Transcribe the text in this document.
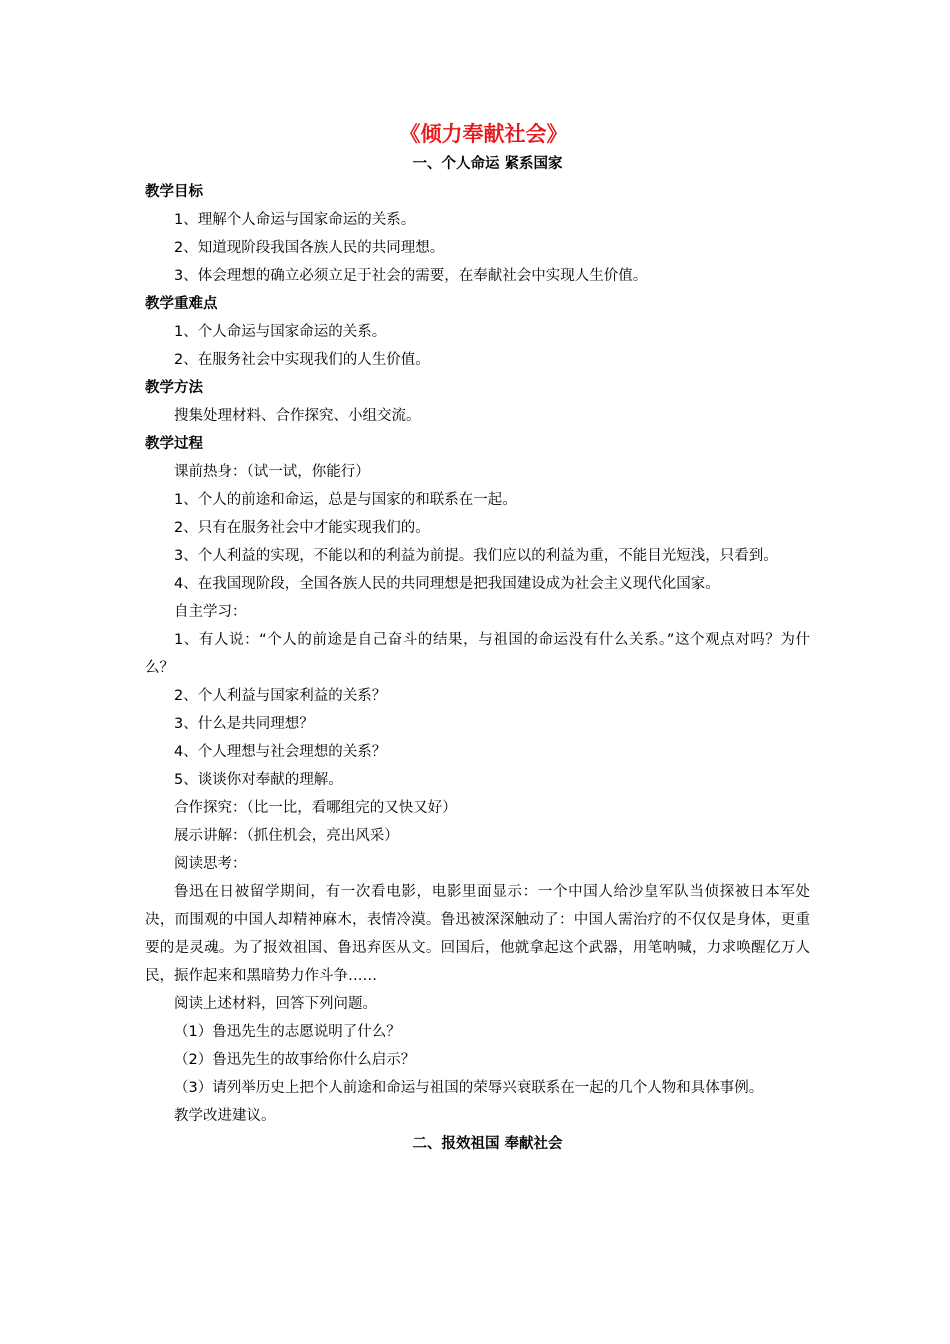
《倾力奉献社会》
一、个人命运 紧系国家
教学目标

1、理解个人命运与国家命运的关系。

2、知道现阶段我国各族人民的共同理想。

3、体会理想的确立必须立足于社会的需要，在奉献社会中实现人生价值。

教学重难点

1、个人命运与国家命运的关系。

2、在服务社会中实现我们的人生价值。

教学方法

搜集处理材料、合作探究、小组交流。

教学过程

课前热身：（试一试，你能行）

1、个人的前途和命运，总是与国家的和联系在一起。

2、只有在服务社会中才能实现我们的。

3、个人利益的实现，不能以和的利益为前提。我们应以的利益为重，不能目光短浅，只看到。

4、在我国现阶段，全国各族人民的共同理想是把我国建设成为社会主义现代化国家。

自主学习：

1、有人说：“个人的前途是自己奋斗的结果，与祖国的命运没有什么关系。”这个观点对吗？为什么？

2、个人利益与国家利益的关系？

3、什么是共同理想？

4、个人理想与社会理想的关系？

5、谈谈你对奉献的理解。

合作探究：（比一比，看哪组完的又快又好）

展示讲解：（抓住机会，亮出风采）

阅读思考：

鲁迅在日被留学期间，有一次看电影，电影里面显示：一个中国人给沙皇军队当侦探被日本军处决，而围观的中国人却精神麻木，表情冷漠。鲁迅被深深触动了：中国人需治疗的不仅仅是身体，更重要的是灵魂。为了报效祖国、鲁迅弃医从文。回国后，他就拿起这个武器，用笔呐喊，力求唤醒亿万人民，振作起来和黑暗势力作斗争……

阅读上述材料，回答下列问题。

（1）鲁迅先生的志愿说明了什么？

（2）鲁迅先生的故事给你什么启示？

（3）请列举历史上把个人前途和命运与祖国的荣辱兴衰联系在一起的几个人物和具体事例。

教学改进建议。

二、报效祖国 奉献社会
